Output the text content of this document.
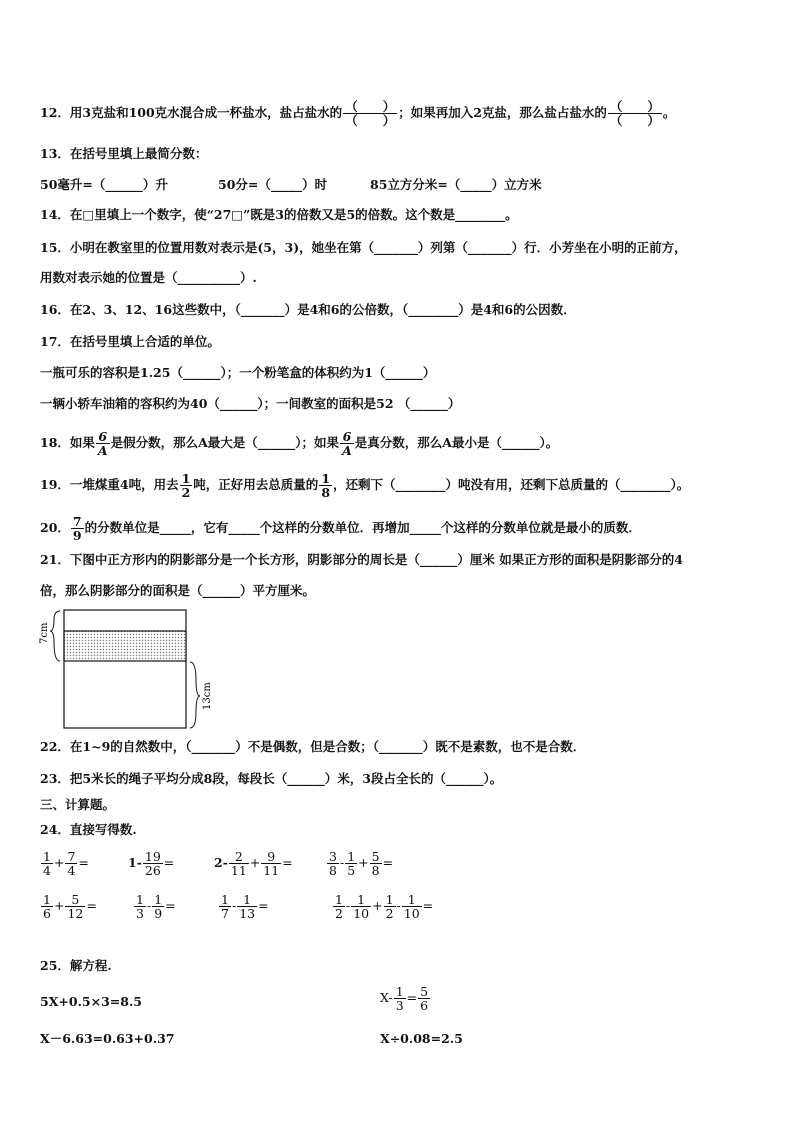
12．用3克盐和100克水混合成一杯盐水，盐占盐水的 （　　）
（　　）
；如果再加入2克盐，那么盐占盐水的 （　　）
（　　）
。
13．在括号里填上最简分数：
50毫升=（______）升	50分=（_____）时	85立方分米=（_____）立方米
14．在□里填上一个数字，使“27□”既是3的倍数又是5的倍数。这个数是________。
15．小明在教室里的位置用数对表示是(5，3)，她坐在第（_______）列第（_______）行．小芳坐在小明的正前方，
用数对表示她的位置是（__________）.
16．在2、3、12、16这些数中，（_______）是4和6的公倍数，（________）是4和6的公因数．
17．在括号里填上合适的单位。
一瓶可乐的容积是1.25（______）；一个粉笔盒的体积约为1（______）
一辆小轿车油箱的容积约为40（______）；一间教室的面积是52 （______）
18．如果 $\frac{6}{A}$ 是假分数，那么A最大是（______）；如果 $\frac{6}{A}$ 是真分数，那么A最小是（______）。
19．一堆煤重4吨，用去 $\frac{1}{2}$ 吨，正好用去总质量的 $\frac{1}{8}$ ，还剩下（________）吨没有用，还剩下总质量的（________）。
20． $\frac{7}{9}$ 的分数单位是_____，它有_____个这样的分数单位．再增加_____个这样的分数单位就是最小的质数．
21．下图中正方形内的阴影部分是一个长方形，阴影部分的周长是（______）厘米 如果正方形的面积是阴影部分的4
倍，那么阴影部分的面积是（______）平方厘米。
7cm
13cm
22．在1~9的自然数中，（_______）不是偶数，但是合数；（_______）既不是素数，也不是合数．
23．把5米长的绳子平均分成8段，每段长（______）米，3段占全长的（______）。
三、计算题。
24．直接写得数.
$\frac{1}{4} + \frac{7}{4}$ =	$1- \frac{19}{26}$ =	$2- \frac{2}{11} + \frac{9}{11}$ =	$\frac{3}{8} - \frac{1}{5} + \frac{5}{8}$ =
$\frac{1}{6} + \frac{5}{12}$ =	$\frac{1}{3} - \frac{1}{9}$ =	$\frac{1}{7} - \frac{1}{13}$ =	$\frac{1}{2} - \frac{1}{10} + \frac{1}{2} - \frac{1}{10}$ =
25．解方程.
5X+0.5×3=8.5	$X- \frac{1}{3} = \frac{5}{6}$
X－6.63=0.63+0.37	X÷0.08=2.5
